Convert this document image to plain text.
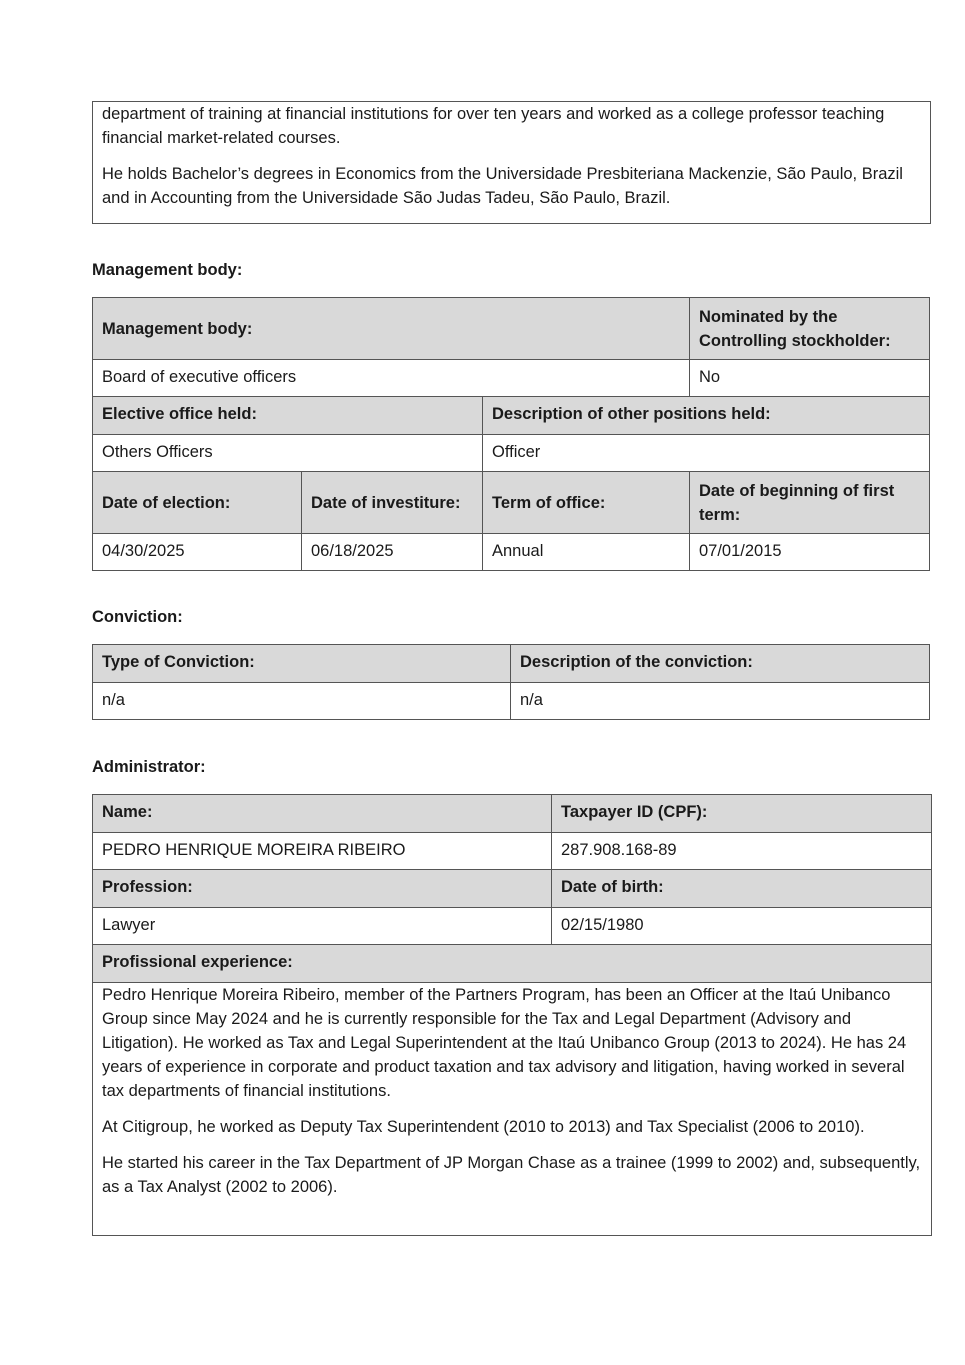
department of training at financial institutions for over ten years and worked as a college professor teaching financial market-related courses.

He holds Bachelor’s degrees in Economics from the Universidade Presbiteriana Mackenzie, São Paulo, Brazil and in Accounting from the Universidade São Judas Tadeu, São Paulo, Brazil.

Management body:
Management body:			Nominated by the Controlling stockholder:
Board of executive officers			No
Elective office held:		Description of other positions held:	
Others Officers		Officer	
Date of election:	Date of investiture:	Term of office:	Date of beginning of first term:
04/30/2025	06/18/2025	Annual	07/01/2015
Conviction:
Type of Conviction:	Description of the conviction:
n/a	n/a
Administrator:
Name:	Taxpayer ID (CPF):
PEDRO HENRIQUE MOREIRA RIBEIRO	287.908.168-89
Profession:	Date of birth:
Lawyer	02/15/1980
Profissional experience:	

Pedro Henrique Moreira Ribeiro, member of the Partners Program, has been an Officer at the Itaú Unibanco Group since May 2024 and he is currently responsible for the Tax and Legal Department (Advisory and Litigation). He worked as Tax and Legal Superintendent at the Itaú Unibanco Group (2013 to 2024). He has 24 years of experience in corporate and product taxation and tax advisory and litigation, having worked in several tax departments of financial institutions.
At Citigroup, he worked as Deputy Tax Superintendent (2010 to 2013) and Tax Specialist (2006 to 2010).
He started his career in the Tax Department of JP Morgan Chase as a trainee (1999 to 2002) and, subsequently, as a Tax Analyst (2002 to 2006).	
